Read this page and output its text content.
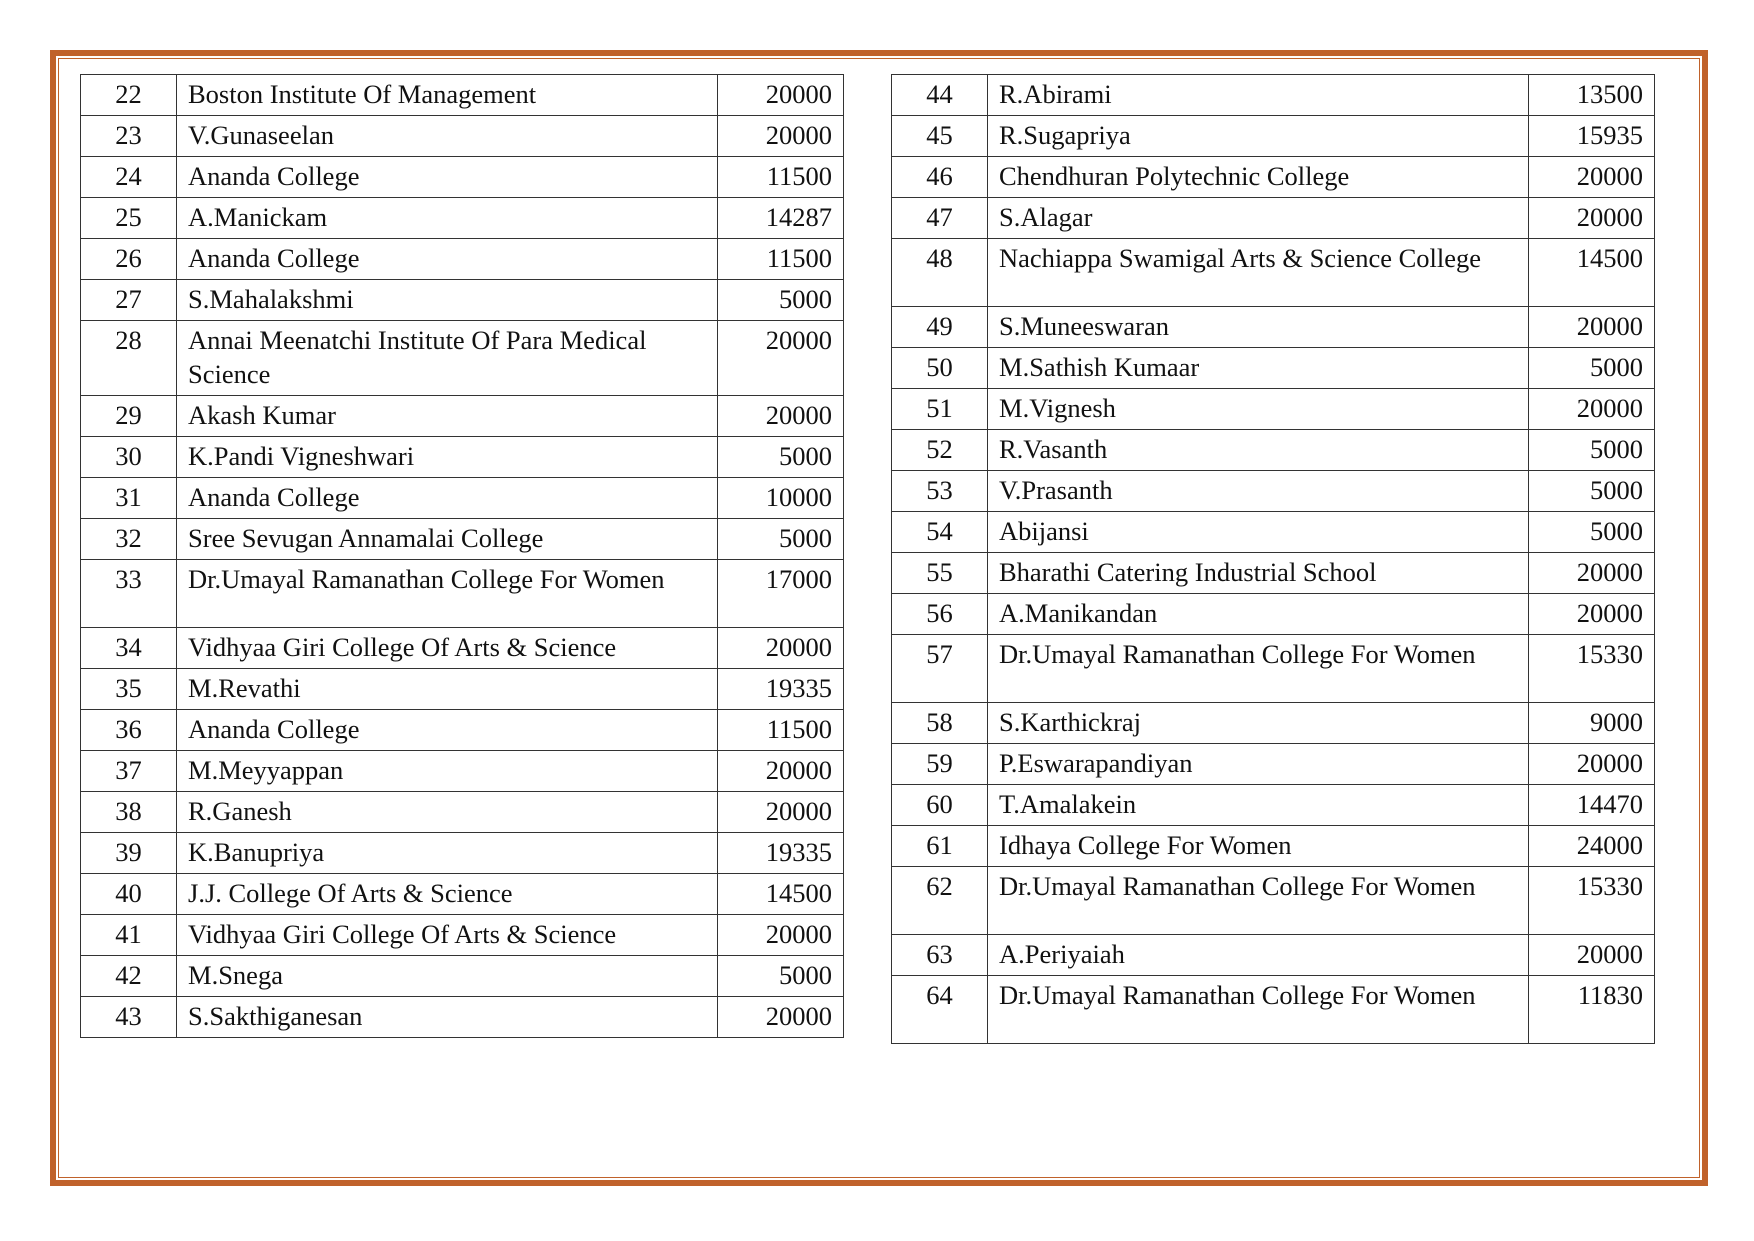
22	Boston Institute Of Management	20000
23	V.Gunaseelan	20000
24	Ananda College	11500
25	A.Manickam	14287
26	Ananda College	11500
27	S.Mahalakshmi	5000
28	Annai Meenatchi Institute Of Para Medical Science	20000
29	Akash Kumar	20000
30	K.Pandi Vigneshwari	5000
31	Ananda College	10000
32	Sree Sevugan Annamalai College	5000
33	Dr.Umayal Ramanathan College For Women	17000
34	Vidhyaa Giri College Of Arts & Science	20000
35	M.Revathi	19335
36	Ananda College	11500
37	M.Meyyappan	20000
38	R.Ganesh	20000
39	K.Banupriya	19335
40	J.J. College Of Arts & Science	14500
41	Vidhyaa Giri College Of Arts & Science	20000
42	M.Snega	5000
43	S.Sakthiganesan	20000
44	R.Abirami	13500
45	R.Sugapriya	15935
46	Chendhuran Polytechnic College	20000
47	S.Alagar	20000
48	Nachiappa Swamigal Arts & Science College	14500
49	S.Muneeswaran	20000
50	M.Sathish Kumaar	5000
51	M.Vignesh	20000
52	R.Vasanth	5000
53	V.Prasanth	5000
54	Abijansi	5000
55	Bharathi Catering Industrial School	20000
56	A.Manikandan	20000
57	Dr.Umayal Ramanathan College For Women	15330
58	S.Karthickraj	9000
59	P.Eswarapandiyan	20000
60	T.Amalakein	14470
61	Idhaya College For Women	24000
62	Dr.Umayal Ramanathan College For Women	15330
63	A.Periyaiah	20000
64	Dr.Umayal Ramanathan College For Women	11830
